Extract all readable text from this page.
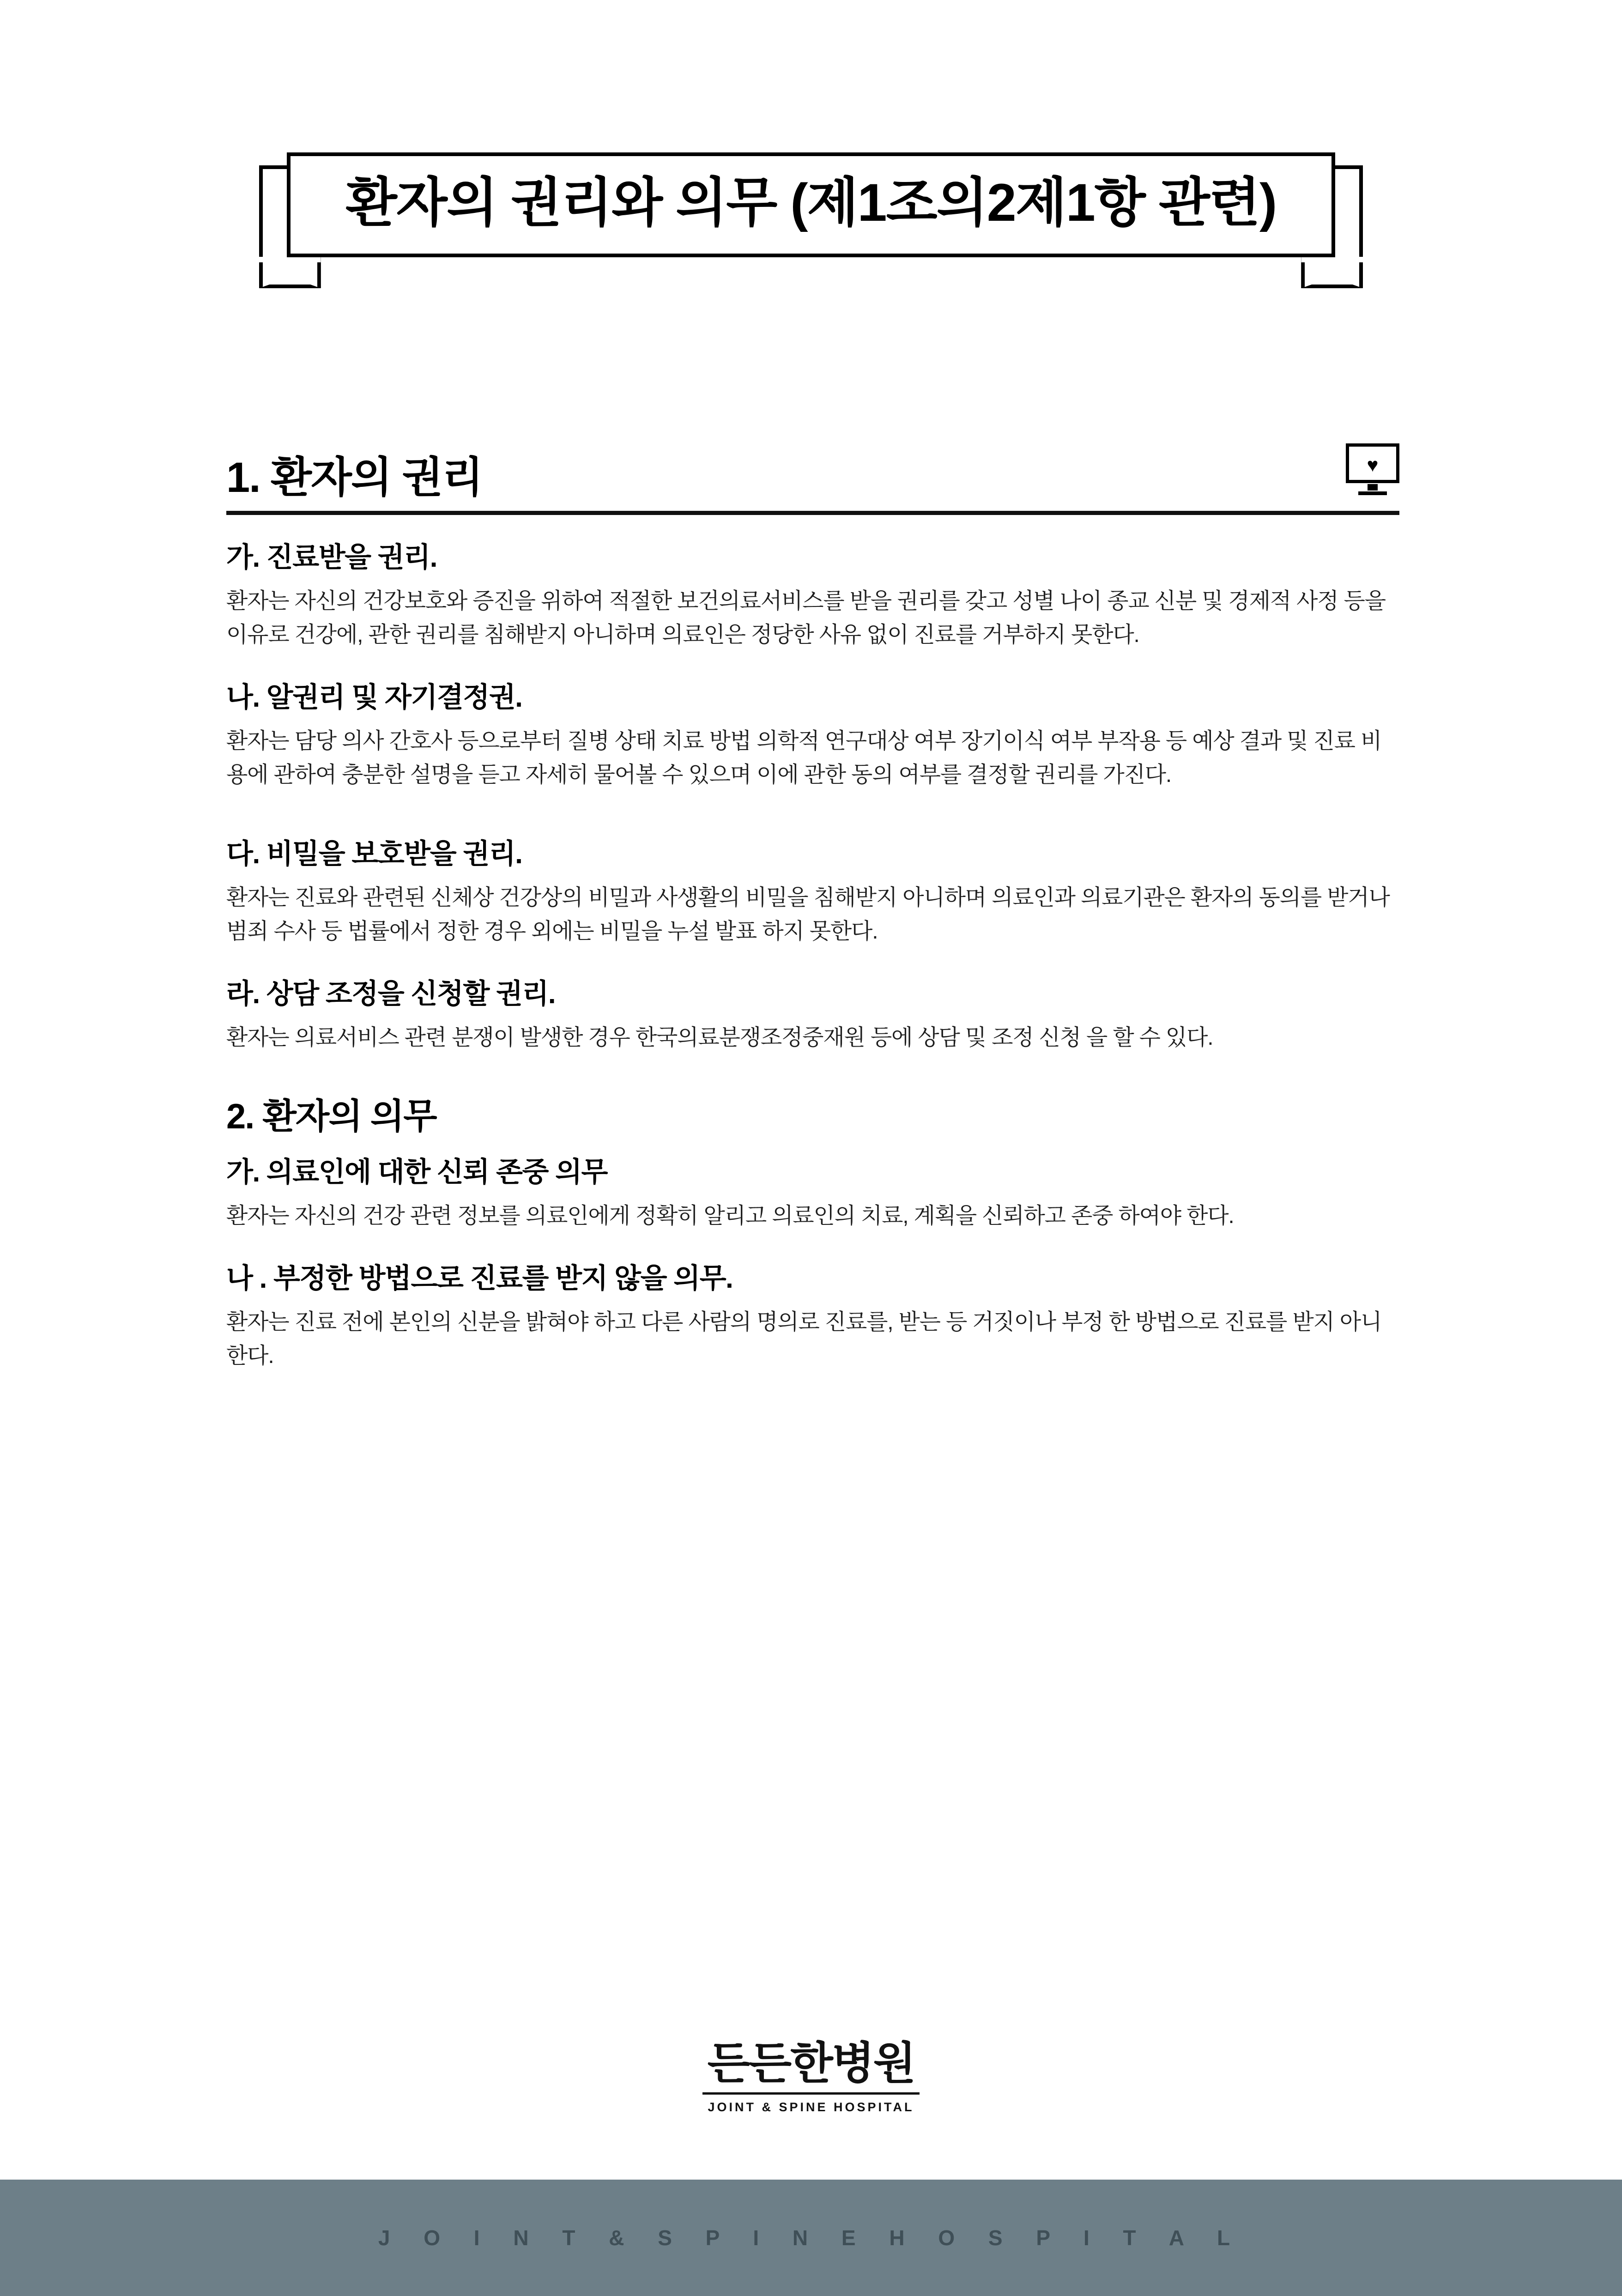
환자의 권리와 의무 (제1조의2제1항 관련)
1. 환자의 권리	♥
가. 진료받을 권리.

환자는 자신의 건강보호와 증진을 위하여 적절한 보건의료서비스를 받을 권리를 갖고 성별 나이 종교 신분 및 경제적 사정 등을 이유로 건강에, 관한 권리를 침해받지 아니하며 의료인은 정당한 사유 없이 진료를 거부하지 못한다.

나. 알권리 및 자기결정권.

환자는 담당 의사 간호사 등으로부터 질병 상태 치료 방법 의학적 연구대상 여부 장기이식 여부 부작용 등 예상 결과 및 진료 비용에 관하여 충분한 설명을 듣고 자세히 물어볼 수 있으며 이에 관한 동의 여부를 결정할 권리를 가진다.

다. 비밀을 보호받을 권리.

환자는 진료와 관련된 신체상 건강상의 비밀과 사생활의 비밀을 침해받지 아니하며 의료인과 의료기관은 환자의 동의를 받거나 범죄 수사 등 법률에서 정한 경우 외에는 비밀을 누설 발표 하지 못한다.

라. 상담 조정을 신청할 권리.

환자는 의료서비스 관련 분쟁이 발생한 경우 한국의료분쟁조정중재원 등에 상담 및 조정 신청 을 할 수 있다.

2. 환자의 의무
가. 의료인에 대한 신뢰 존중 의무

환자는 자신의 건강 관련 정보를 의료인에게 정확히 알리고 의료인의 치료, 계획을 신뢰하고 존중 하여야 한다.

나 . 부정한 방법으로 진료를 받지 않을 의무.

환자는 진료 전에 본인의 신분을 밝혀야 하고 다른 사람의 명의로 진료를, 받는 등 거짓이나 부정 한 방법으로 진료를 받지 아니한다.

든든한병원
JOINT & SPINE HOSPITAL
J O I N T & S P I N E H O S P I T A L
